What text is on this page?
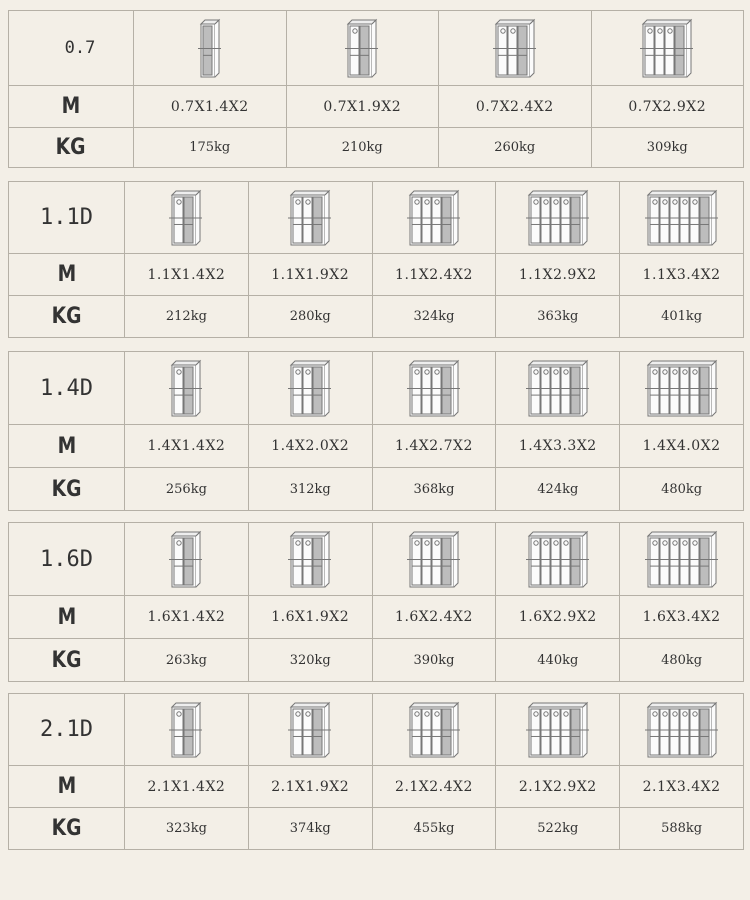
0.7	

M	0.7X1.4X2	0.7X1.9X2	0.7X2.4X2	0.7X2.9X2
KG	175kg	210kg	260kg	309kg
1.1D	

M	1.1X1.4X2	1.1X1.9X2	1.1X2.4X2	1.1X2.9X2	1.1X3.4X2
KG	212kg	280kg	324kg	363kg	401kg
1.4D	

M	1.4X1.4X2	1.4X2.0X2	1.4X2.7X2	1.4X3.3X2	1.4X4.0X2
KG	256kg	312kg	368kg	424kg	480kg
1.6D	

M	1.6X1.4X2	1.6X1.9X2	1.6X2.4X2	1.6X2.9X2	1.6X3.4X2
KG	263kg	320kg	390kg	440kg	480kg
2.1D	

M	2.1X1.4X2	2.1X1.9X2	2.1X2.4X2	2.1X2.9X2	2.1X3.4X2
KG	323kg	374kg	455kg	522kg	588kg
